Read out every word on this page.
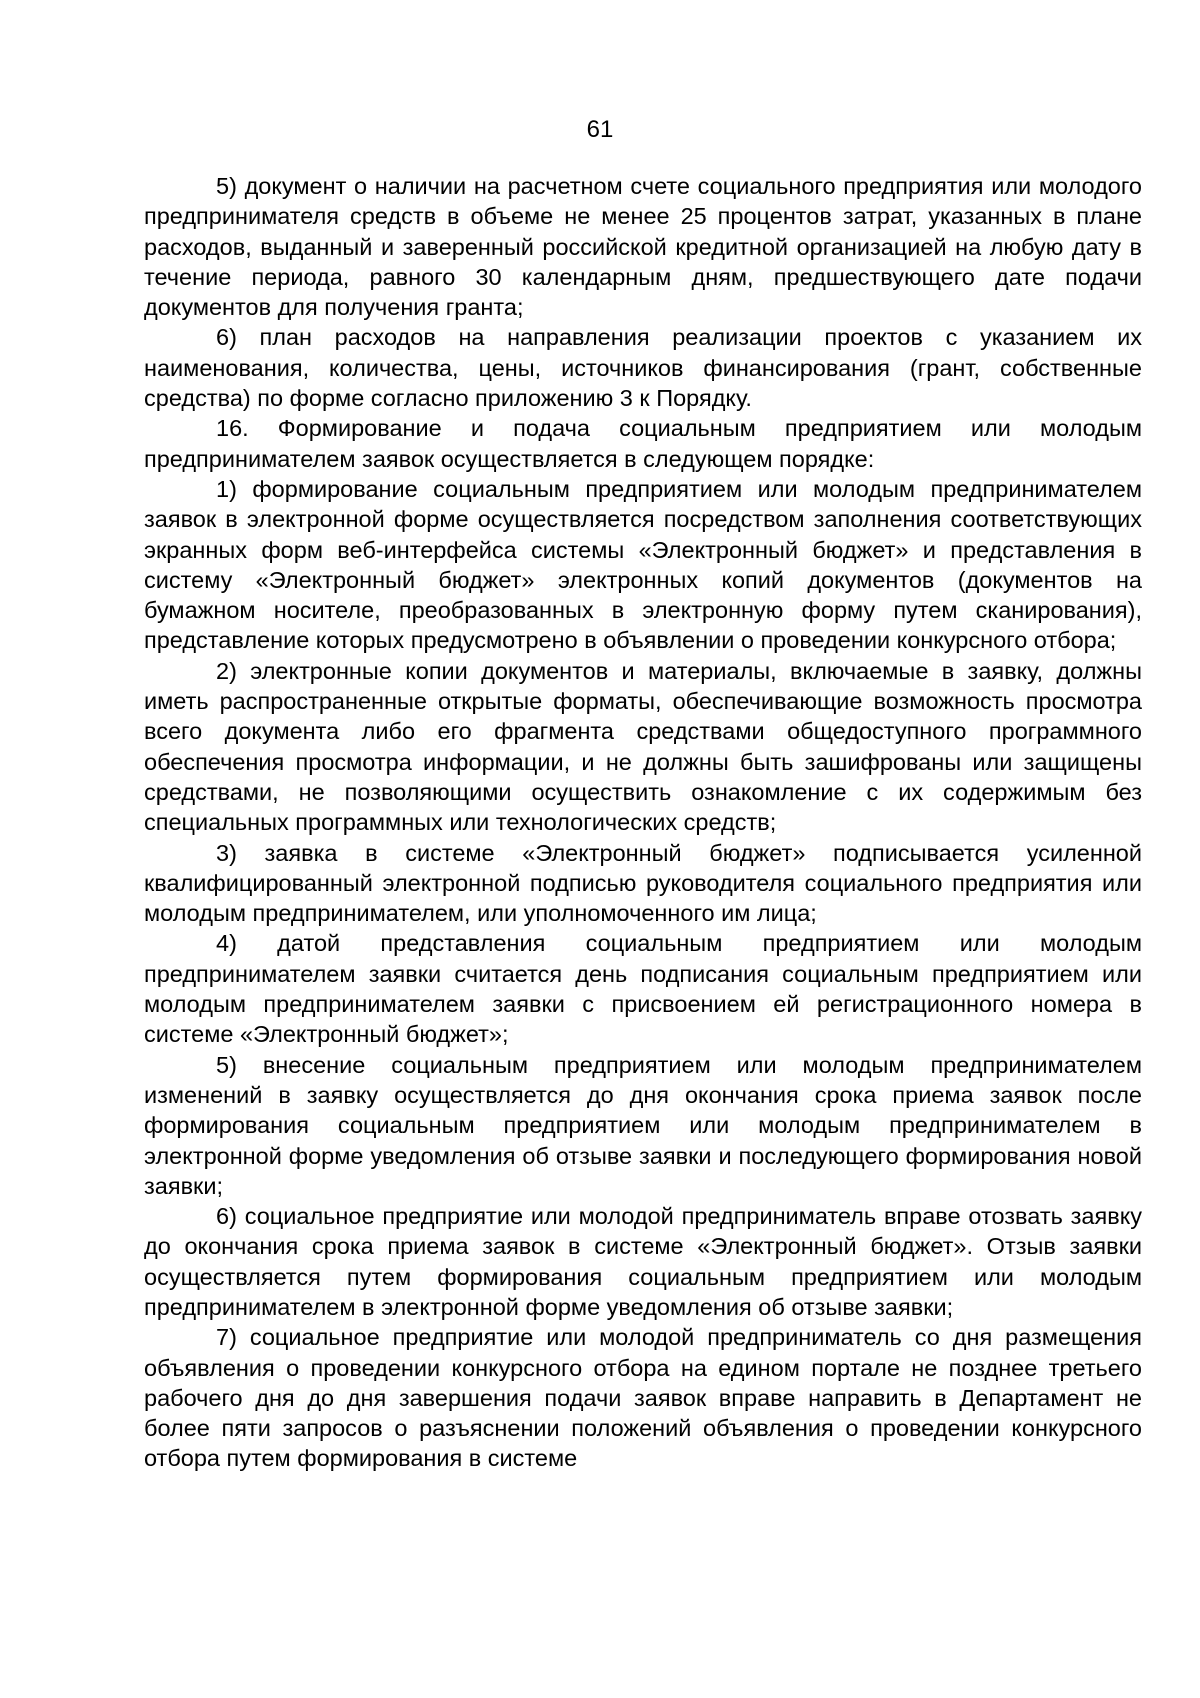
61

5) документ о наличии на расчетном счете социального предприятия или молодого предпринимателя средств в объеме не менее 25 процентов затрат, указанных в плане расходов, выданный и заверенный российской кредитной организацией на любую дату в течение периода, равного 30 календарным дням, предшествующего дате подачи документов для получения гранта;

6) план расходов на направления реализации проектов с указанием их наименования, количества, цены, источников финансирования (грант, собственные средства) по форме согласно приложению 3 к Порядку.

16. Формирование и подача социальным предприятием или молодым предпринимателем заявок осуществляется в следующем порядке:

1) формирование социальным предприятием или молодым предпринимателем заявок в электронной форме осуществляется посредством заполнения соответствующих экранных форм веб-интерфейса системы «Электронный бюджет» и представления в систему «Электронный бюджет» электронных копий документов (документов на бумажном носителе, преобразованных в электронную форму путем сканирования), представление которых предусмотрено в объявлении о проведении конкурсного отбора;

2) электронные копии документов и материалы, включаемые в заявку, должны иметь распространенные открытые форматы, обеспечивающие возможность просмотра всего документа либо его фрагмента средствами общедоступного программного обеспечения просмотра информации, и не должны быть зашифрованы или защищены средствами, не позволяющими осуществить ознакомление с их содержимым без специальных программных или технологических средств;

3) заявка в системе «Электронный бюджет» подписывается усиленной квалифицированный электронной подписью руководителя социального предприятия или молодым предпринимателем, или уполномоченного им лица;

4) датой представления социальным предприятием или молодым предпринимателем заявки считается день подписания социальным предприятием или молодым предпринимателем заявки с присвоением ей регистрационного номера в системе «Электронный бюджет»;

5) внесение социальным предприятием или молодым предпринимателем изменений в заявку осуществляется до дня окончания срока приема заявок после формирования социальным предприятием или молодым предпринимателем в электронной форме уведомления об отзыве заявки и последующего формирования новой заявки;

6) социальное предприятие или молодой предприниматель вправе отозвать заявку до окончания срока приема заявок в системе «Электронный бюджет». Отзыв заявки осуществляется путем формирования социальным предприятием или молодым предпринимателем в электронной форме уведомления об отзыве заявки;

7) социальное предприятие или молодой предприниматель со дня размещения объявления о проведении конкурсного отбора на едином портале не позднее третьего рабочего дня до дня завершения подачи заявок вправе направить в Департамент не более пяти запросов о разъяснении положений объявления о проведении конкурсного отбора путем формирования в системе
